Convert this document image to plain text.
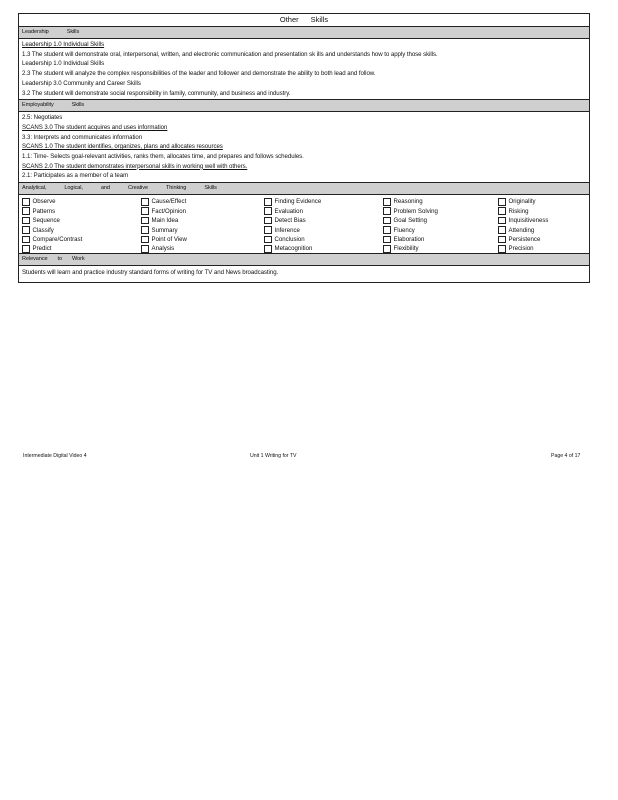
Other Skills
Leadership	Skills
Leadership 1.0 Individual Skills
1.3 The student will demonstrate oral, interpersonal, written, and electronic communication and presentation sk ills and understands how to apply those skills.
Leadership 1.0 Individual Skills
2.3 The student will analyze the complex responsibilities of the leader and follower and demonstrate the ability to both lead and follow.
Leadership 3.0 Community and Career Skills
3.2 The student will demonstrate social responsibility in family, community, and business and industry.
Employability	Skills
2.5: Negotiates
SCANS 3.0 The student acquires and uses information
3.3: Interprets and communicates information
SCANS 1.0 The student identifies, organizes, plans and allocates resources
1.1: Time- Selects goal-relevant activities, ranks them, allocates time, and prepares and follows schedules.
SCANS 2.0 The student demonstrates interpersonal skills in working well with others.
2.1: Participates as a member of a team
Analytical,	Logical,	and	Creative	Thinking	Skills
Observe	Cause/Effect	Finding Evidence	Reasoning	Originality
Patterns	Fact/Opinion	Evaluation	Problem Solving	Risking
Sequence	Main Idea	Detect Bias	Goal Setting	Inquisitiveness
Classify	Summary	Inference	Fluency	Attending
Compare/Contrast	Point of View	Conclusion	Elaboration	Persistence
Predict	Analysis	Metacognition	Flexibility	Precision
Relevance to Work
Students will learn and practice industry standard forms of writing for TV and News broadcasting.
Intermediate Digital Video 4	Unit 1 Writing for TV	Page 4 of 17
